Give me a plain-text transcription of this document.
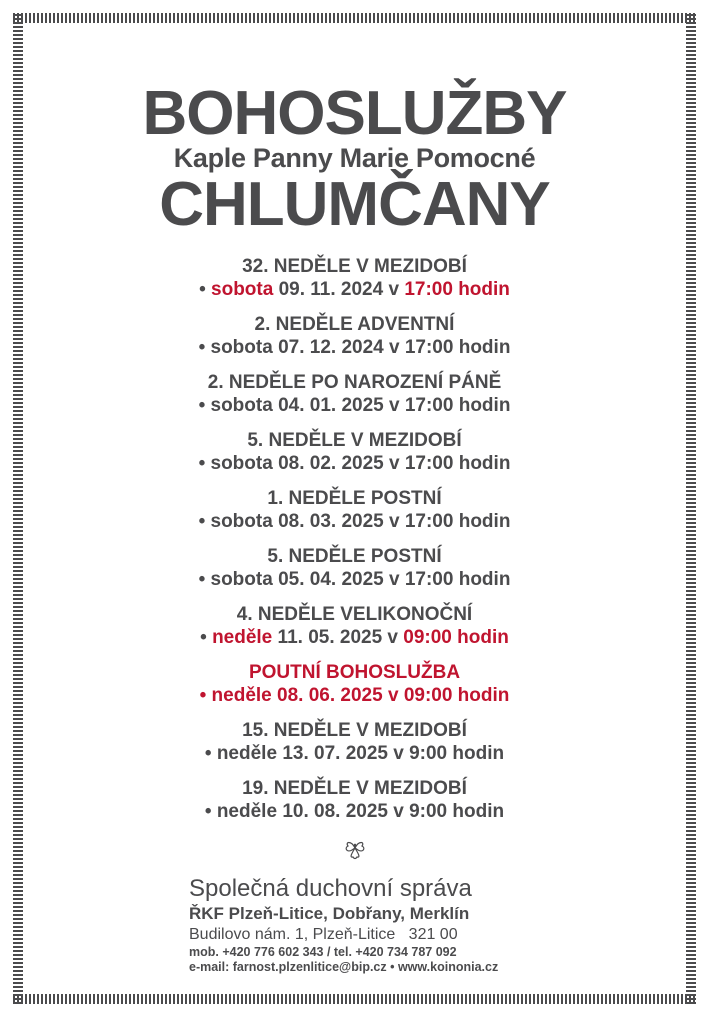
BOHOSLUŽBY
Kaple Panny Marie Pomocné
CHLUMČANY
32. NEDĚLE V MEZIDOBÍ
• sobota 09. 11. 2024 v 17:00 hodin
2. NEDĚLE ADVENTNÍ
• sobota 07. 12. 2024 v 17:00 hodin
2. NEDĚLE PO NAROZENÍ PÁNĚ
• sobota 04. 01. 2025 v 17:00 hodin
5. NEDĚLE V MEZIDOBÍ
• sobota 08. 02. 2025 v 17:00 hodin
1. NEDĚLE POSTNÍ
• sobota 08. 03. 2025 v 17:00 hodin
5. NEDĚLE POSTNÍ
• sobota 05. 04. 2025 v 17:00 hodin
4. NEDĚLE VELIKONOČNÍ
• neděle 11. 05. 2025 v 09:00 hodin
POUTNÍ BOHOSLUŽBA
• neděle 08. 06. 2025 v 09:00 hodin
15. NEDĚLE V MEZIDOBÍ
• neděle 13. 07. 2025 v 9:00 hodin
19. NEDĚLE V MEZIDOBÍ
• neděle 10. 08. 2025 v 9:00 hodin
Společná duchovní správa
ŘKF Plzeň-Litice, Dobřany, Merklín
Budilovo nám. 1, Plzeň-Litice   321 00
mob. +420 776 602 343 / tel. +420 734 787 092
e-mail: farnost.plzenlitice@bip.cz • www.koinonia.cz
